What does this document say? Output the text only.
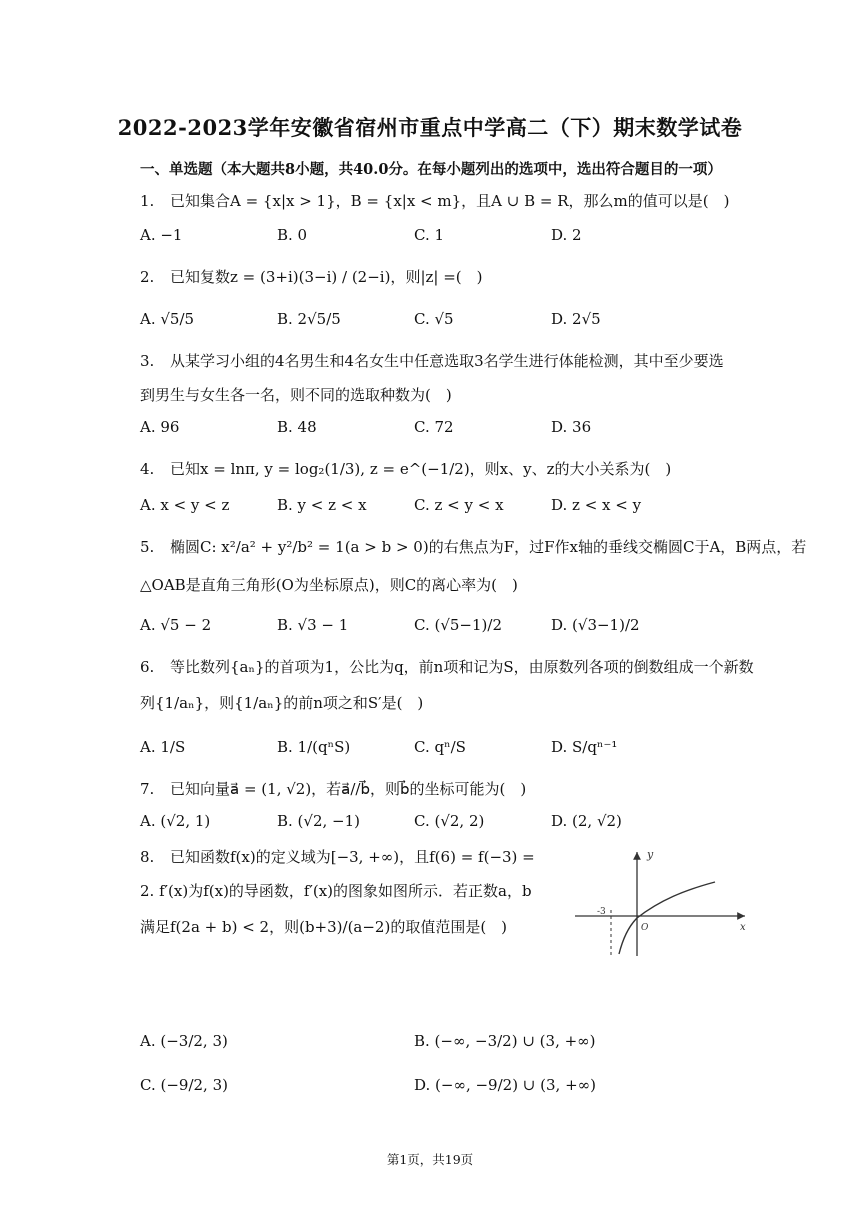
2022-2023学年安徽省宿州市重点中学高二（下）期末数学试卷
一、单选题（本大题共8小题，共40.0分。在每小题列出的选项中，选出符合题目的一项）
1. 已知集合A = {x|x > 1}，B = {x|x < m}，且A ∪ B = R，那么m的值可以是(　)
A. −1	B. 0	C. 1	D. 2
2. 已知复数z = (3+i)(3−i) / (2−i)，则|z| =(　)
A. √5/5	B. 2√5/5	C. √5	D. 2√5
3. 从某学习小组的4名男生和4名女生中任意选取3名学生进行体能检测，其中至少要选
到男生与女生各一名，则不同的选取种数为(　)
A. 96	B. 48	C. 72	D. 36
4. 已知x = lnπ, y = log₂(1/3), z = e^(−1/2)，则x、y、z的大小关系为(　)
A. x < y < z	B. y < z < x	C. z < y < x	D. z < x < y
5. 椭圆C: x²/a² + y²/b² = 1(a > b > 0)的右焦点为F，过F作x轴的垂线交椭圆C于A，B两点，若
△OAB是直角三角形(O为坐标原点)，则C的离心率为(　)
A. √5 − 2	B. √3 − 1	C. (√5−1)/2	D. (√3−1)/2
6. 等比数列{aₙ}的首项为1，公比为q，前n项和记为S，由原数列各项的倒数组成一个新数
列{1/aₙ}，则{1/aₙ}的前n项之和S′是(　)
A. 1/S	B. 1/(qⁿS)	C. qⁿ/S	D. S/qⁿ⁻¹
7. 已知向量a⃗ = (1, √2)，若a⃗//b⃗，则b⃗的坐标可能为(　)
A. (√2, 1)	B. (√2, −1)	C. (√2, 2)	D. (2, √2)
8. 已知函数f(x)的定义域为[−3, +∞)，且f(6) = f(−3) =
2. f′(x)为f(x)的导函数，f′(x)的图象如图所示．若正数a，b
满足f(2a + b) < 2，则(b+3)/(a−2)的取值范围是(　)
y
x
O
-3
A. (−3/2, 3)	B. (−∞, −3/2) ∪ (3, +∞)
C. (−9/2, 3)	D. (−∞, −9/2) ∪ (3, +∞)
第1页，共19页
